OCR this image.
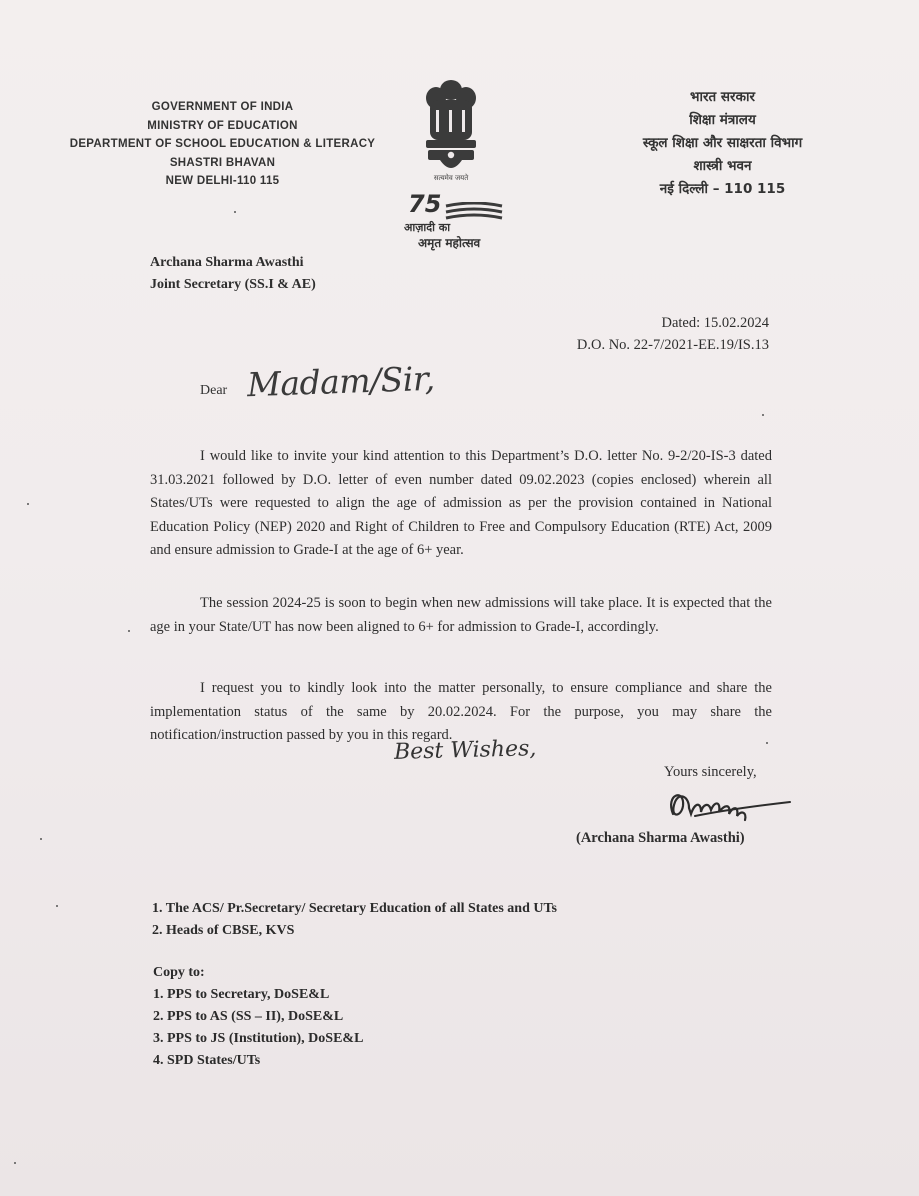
GOVERNMENT OF INDIA
MINISTRY OF EDUCATION
DEPARTMENT OF SCHOOL EDUCATION & LITERACY
SHASTRI BHAVAN
NEW DELHI-110 115	सत्यमेव जयते
75
आज़ादी का
अमृत महोत्सव
भारत सरकार
शिक्षा मंत्रालय
स्कूल शिक्षा और साक्षरता विभाग
शास्त्री भवन
नई दिल्ली – 110 115
Archana Sharma Awasthi
Joint Secretary (SS.I & AE)
Dated: 15.02.2024
D.O. No. 22-7/2021-EE.19/IS.13
Dear Madam/Sir,
I would like to invite your kind attention to this Department’s D.O. letter No. 9-2/20-IS-3 dated 31.03.2021 followed by D.O. letter of even number dated 09.02.2023 (copies enclosed) wherein all States/UTs were requested to align the age of admission as per the provision contained in National Education Policy (NEP) 2020 and Right of Children to Free and Compulsory Education (RTE) Act, 2009 and ensure admission to Grade-I at the age of 6+ year.
The session 2024-25 is soon to begin when new admissions will take place. It is expected that the age in your State/UT has now been aligned to 6+ for admission to Grade-I, accordingly.
I request you to kindly look into the matter personally, to ensure compliance and share the implementation status of the same by 20.02.2024. For the purpose, you may share the notification/instruction passed by you in this regard.
Best Wishes,
Yours sincerely,
(Archana Sharma Awasthi)
1. The ACS/ Pr.Secretary/ Secretary Education of all States and UTs
2. Heads of CBSE, KVS
Copy to:
1. PPS to Secretary, DoSE&L
2. PPS to AS (SS – II), DoSE&L
3. PPS to JS (Institution), DoSE&L
4. SPD States/UTs
